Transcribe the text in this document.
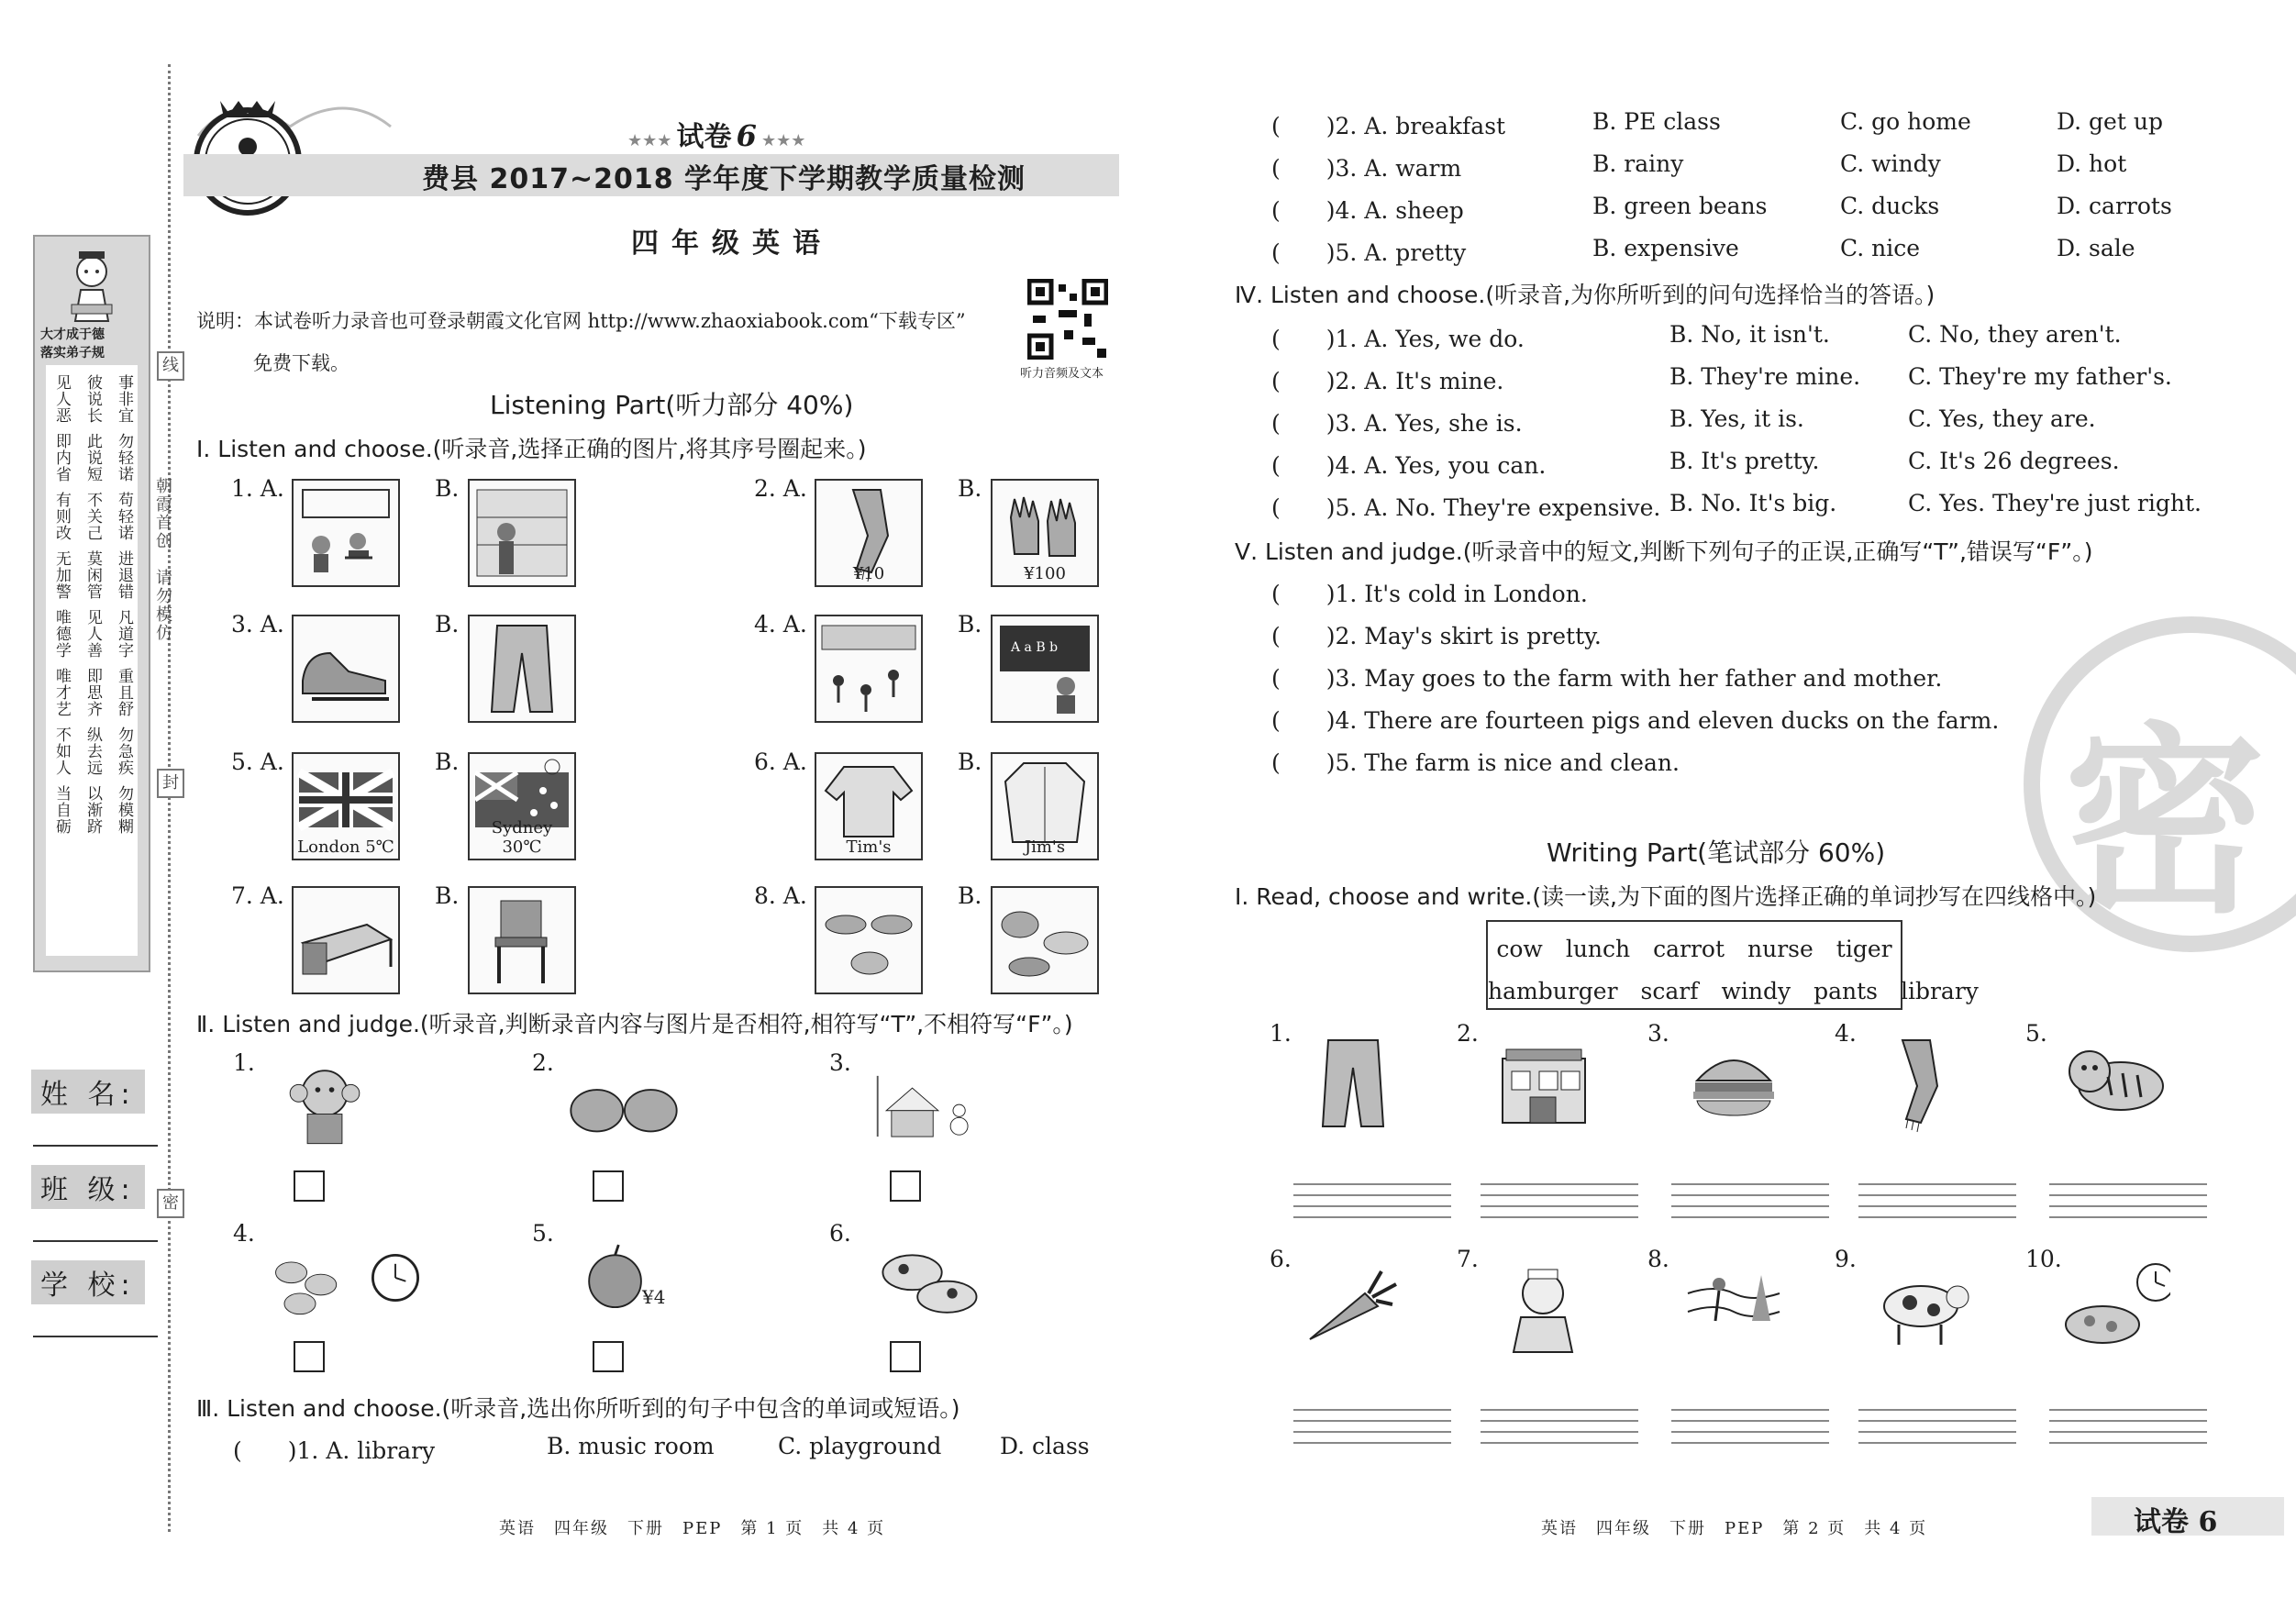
线
封
密
朝霞首创
请勿模仿
大才成于德
落实弟子规
见人恶 彼说长 事非宜
即内省 此说短 勿轻诺
有则改 不关己 苟轻诺
无加警 莫闲管 进退错
唯德学 见人善 凡道字
唯才艺 即思齐 重且舒
不如人 纵去远 勿急疾
当自砺 以渐跻 勿模糊
姓 名:
班 级:
学 校:
★★★ 试卷 6 ★★★
费县 2017~2018 学年度下学期教学质量检测
四年级英语
说明：本试卷听力录音也可登录朝霞文化官网 http://www.zhaoxiabook.com“下载专区”
免费下载。	听力音频及文本
Listening Part(听力部分 40%)
Ⅰ. Listen and choose.(听录音,选择正确的图片,将其序号圈起来。)
1. A.	B.	2. A.	B.
¥10	¥100
3. A.	B.	4. A.	B.
A a B b
5. A.	B.
London 5℃
Sydney 30℃
6. A.	B.
Tim's	Jim's
7. A.	B.	8. A.	B.
Ⅱ. Listen and judge.(听录音,判断录音内容与图片是否相符,相符写“T”,不相符写“F”。)
1.	2.	3.
4.	5.
¥4
6.
Ⅲ. Listen and choose.(听录音,选出你所听到的句子中包含的单词或短语。)
(　　)1. A. library	B. music room	C. playground	D. class
英语　四年级　下册　PEP　第 1 页　共 4 页
(　　)2. A. breakfast	B. PE class	C. go home	D. get up
(　　)3. A. warm	B. rainy	C. windy	D. hot
(　　)4. A. sheep	B. green beans	C. ducks	D. carrots
(　　)5. A. pretty	B. expensive	C. nice	D. sale
Ⅳ. Listen and choose.(听录音,为你所听到的问句选择恰当的答语。)
(　　)1. A. Yes, we do.	B. No, it isn't.	C. No, they aren't.
(　　)2. A. It's mine.	B. They're mine. C. They're my father's.
(　　)3. A. Yes, she is.	B. Yes, it is.	C. Yes, they are.
(　　)4. A. Yes, you can.	B. It's pretty.	C. It's 26 degrees.
(　　)5. A. No. They're expensive. B. No. It's big.	C. Yes. They're just right.
Ⅴ. Listen and judge.(听录音中的短文,判断下列句子的正误,正确写“T”,错误写“F”。)
(　　)1. It's cold in London.
(　　)2. May's skirt is pretty.
(　　)3. May goes to the farm with her father and mother.
(　　)4. There are fourteen pigs and eleven ducks on the farm.
(　　)5. The farm is nice and clean. 密
Writing Part(笔试部分 60%)
Ⅰ. Read, choose and write.(读一读,为下面的图片选择正确的单词抄写在四线格中。)
cow　lunch　carrot　nurse　tiger
hamburger　scarf　windy　pants　library
1.	2.	3.	4.	5.
6.	7.	8.	9.	10.
英语　四年级　下册　PEP　第 2 页　共 4 页	试卷 6
